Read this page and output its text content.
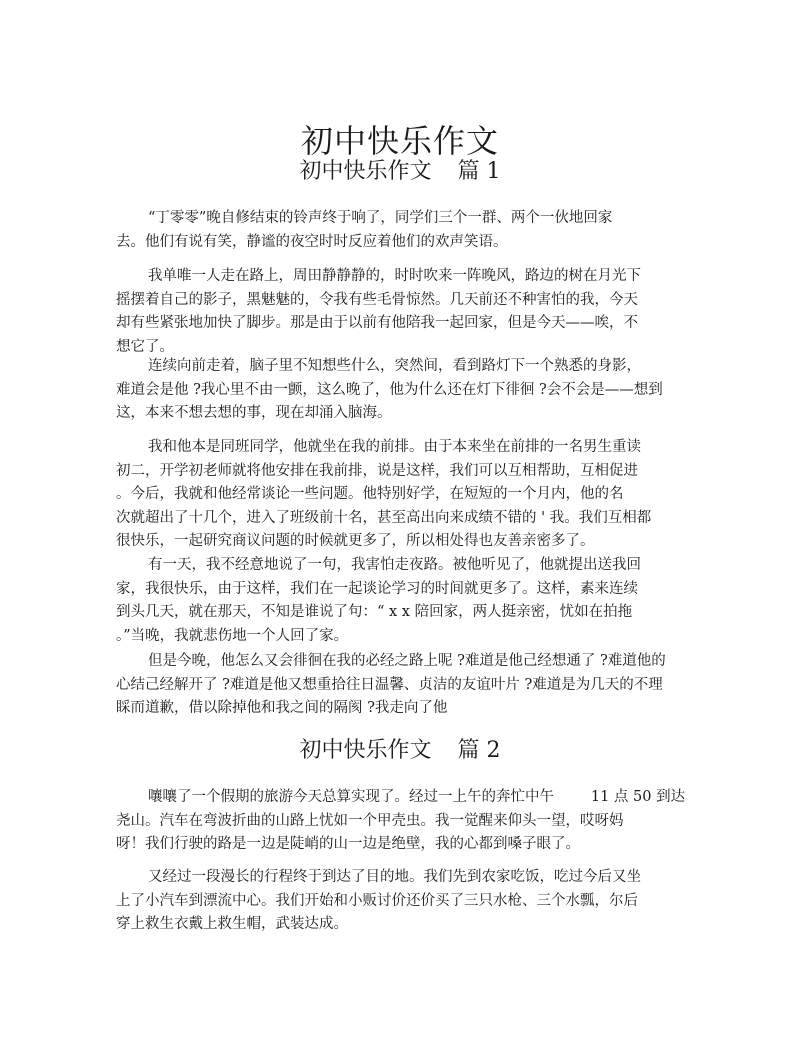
初中快乐作文
初中快乐作文 篇 1
“丁零零”晚自修结束的铃声终于响了，同学们三个一群、两个一伙地回家
去。他们有说有笑，静谧的夜空时时反应着他们的欢声笑语。
我单唯一人走在路上，周田静静静的，时时吹来一阵晚风，路边的树在月光下
摇摆着自己的影子，黑魅魅的，令我有些毛骨惊然。几天前还不种害怕的我，今天
却有些紧张地加快了脚步。那是由于以前有他陪我一起回家，但是今天——唉，不
想它了。
连续向前走着，脑子里不知想些什么，突然间，看到路灯下一个熟悉的身影，
难道会是他 ?我心里不由一颤，这么晚了，他为什么还在灯下徘徊 ?会不会是——想到
这，本来不想去想的事，现在却涌入脑海。
我和他本是同班同学，他就坐在我的前排。由于本来坐在前排的一名男生重读
初二，开学初老师就将他安排在我前排，说是这样，我们可以互相帮助，互相促进
。今后，我就和他经常谈论一些问题。他特别好学，在短短的一个月内，他的名
次就超出了十几个，进入了班级前十名，甚至高出向来成绩不错的 ' 我。我们互相都
很快乐，一起研究商议问题的时候就更多了，所以相处得也友善亲密多了。
有一天，我不经意地说了一句，我害怕走夜路。被他听见了，他就提出送我回
家，我很快乐，由于这样，我们在一起谈论学习的时间就更多了。这样，素来连续
到头几天，就在那天，不知是谁说了句：“ x x 陪回家，两人挺亲密，忧如在拍拖
。”当晚，我就悲伤地一个人回了家。
但是今晚，他怎么又会徘徊在我的必经之路上呢 ?难道是他己经想通了 ?难道他的
心结己经解开了 ?难道是他又想重拾往日温馨、贞洁的友谊叶片 ?难道是为几天的不理
睬而道歉，借以除掉他和我之间的隔阂 ?我走向了他
初中快乐作文 篇 2
嚷嚷了一个假期的旅游今天总算实现了。经过一上午的奔忙中午        11 点 50 到达
尧山。汽车在弯波折曲的山路上忧如一个甲壳虫。我一觉醒来仰头一望，哎呀妈
呀！我们行驶的路是一边是陡峭的山一边是绝壁，我的心都到嗓子眼了。
又经过一段漫长的行程终于到达了目的地。我们先到农家吃饭，吃过今后又坐
上了小汽车到漂流中心。我们开始和小贩讨价还价买了三只水枪、三个水瓢，尔后
穿上救生衣戴上救生帽，武装达成。
